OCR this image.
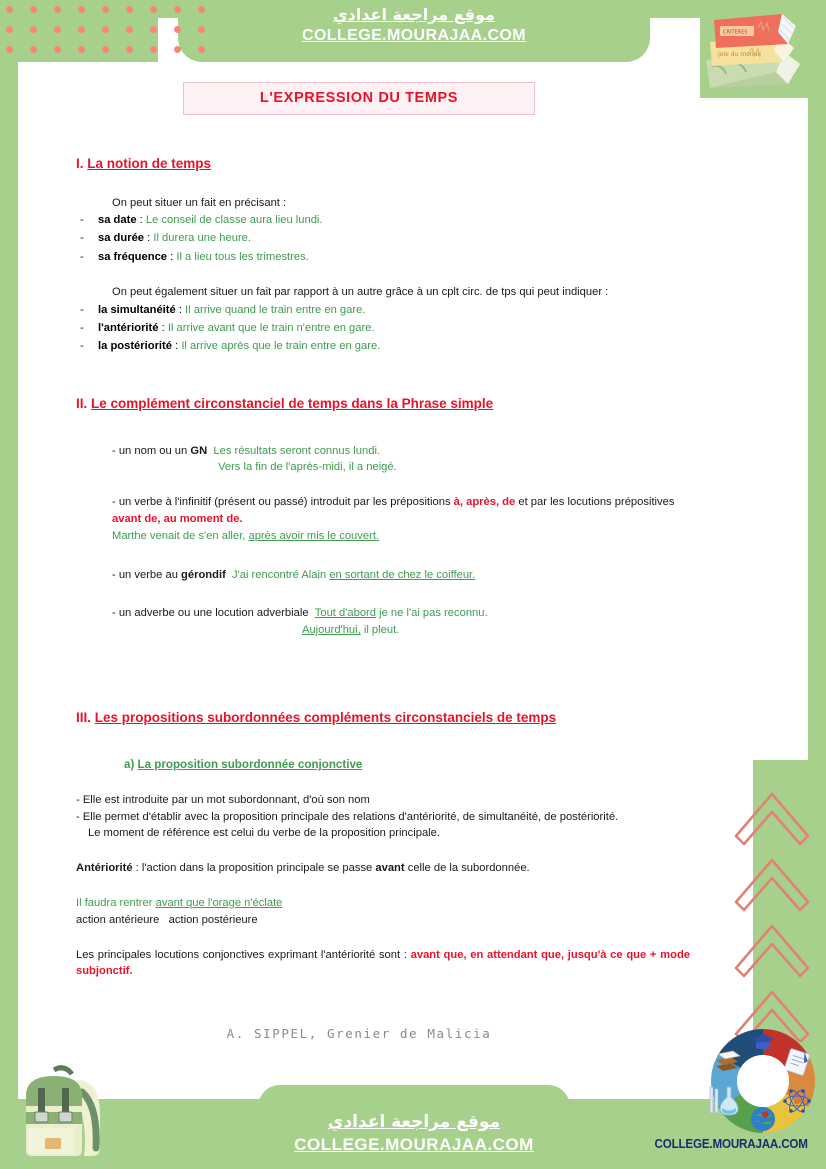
Joie du monde
CRITERES
موقع مراجعة اعدادي
COLLEGE.MOURAJAA.COM
L'EXPRESSION DU TEMPS
I. La notion de temps
On peut situer un fait en précisant :
- sa date : Le conseil de classe aura lieu lundi.
- sa durée : Il durera une heure.
- sa fréquence : Il a lieu tous les trimestres.
On peut également situer un fait par rapport à un autre grâce à un cplt circ. de tps qui peut indiquer :
- la simultanéité : Il arrive quand le train entre en gare.
- l'antériorité : Il arrive avant que le train n'entre en gare.
- la postériorité : Il arrive après que le train entre en gare.
II. Le complément circonstanciel de temps dans la Phrase simple
- un nom ou un GN Les résultats seront connus lundi.
Vers la fin de l'après-midi, il a neigé.
- un verbe à l'infinitif (présent ou passé) introduit par les prépositions à, après, de et par les locutions prépositives avant de, au moment de.
Marthe venait de s'en aller, après avoir mis le couvert.
- un verbe au gérondif J'ai rencontré Alain en sortant de chez le coiffeur.
- un adverbe ou une locution adverbiale Tout d'abord je ne l'ai pas reconnu.
Aujourd'hui, il pleut.
III. Les propositions subordonnées compléments circonstanciels de temps
a) La proposition subordonnée conjonctive
- Elle est introduite par un mot subordonnant, d'où son nom
- Elle permet d'établir avec la proposition principale des relations d'antériorité, de simultanéité, de postériorité.
Le moment de référence est celui du verbe de la proposition principale.
Antériorité : l'action dans la proposition principale se passe avant celle de la subordonnée.
Il faudra rentrer avant que l'orage n'éclate
action antérieure action postérieure
Les principales locutions conjonctives exprimant l'antériorité sont : avant que, en attendant que, jusqu'à ce que + mode subjonctif.
A. SIPPEL, Grenier de Malicia
موقع مراجعة اعدادي
COLLEGE.MOURAJAA.COM	COLLEGE.MOURAJAA.COM
